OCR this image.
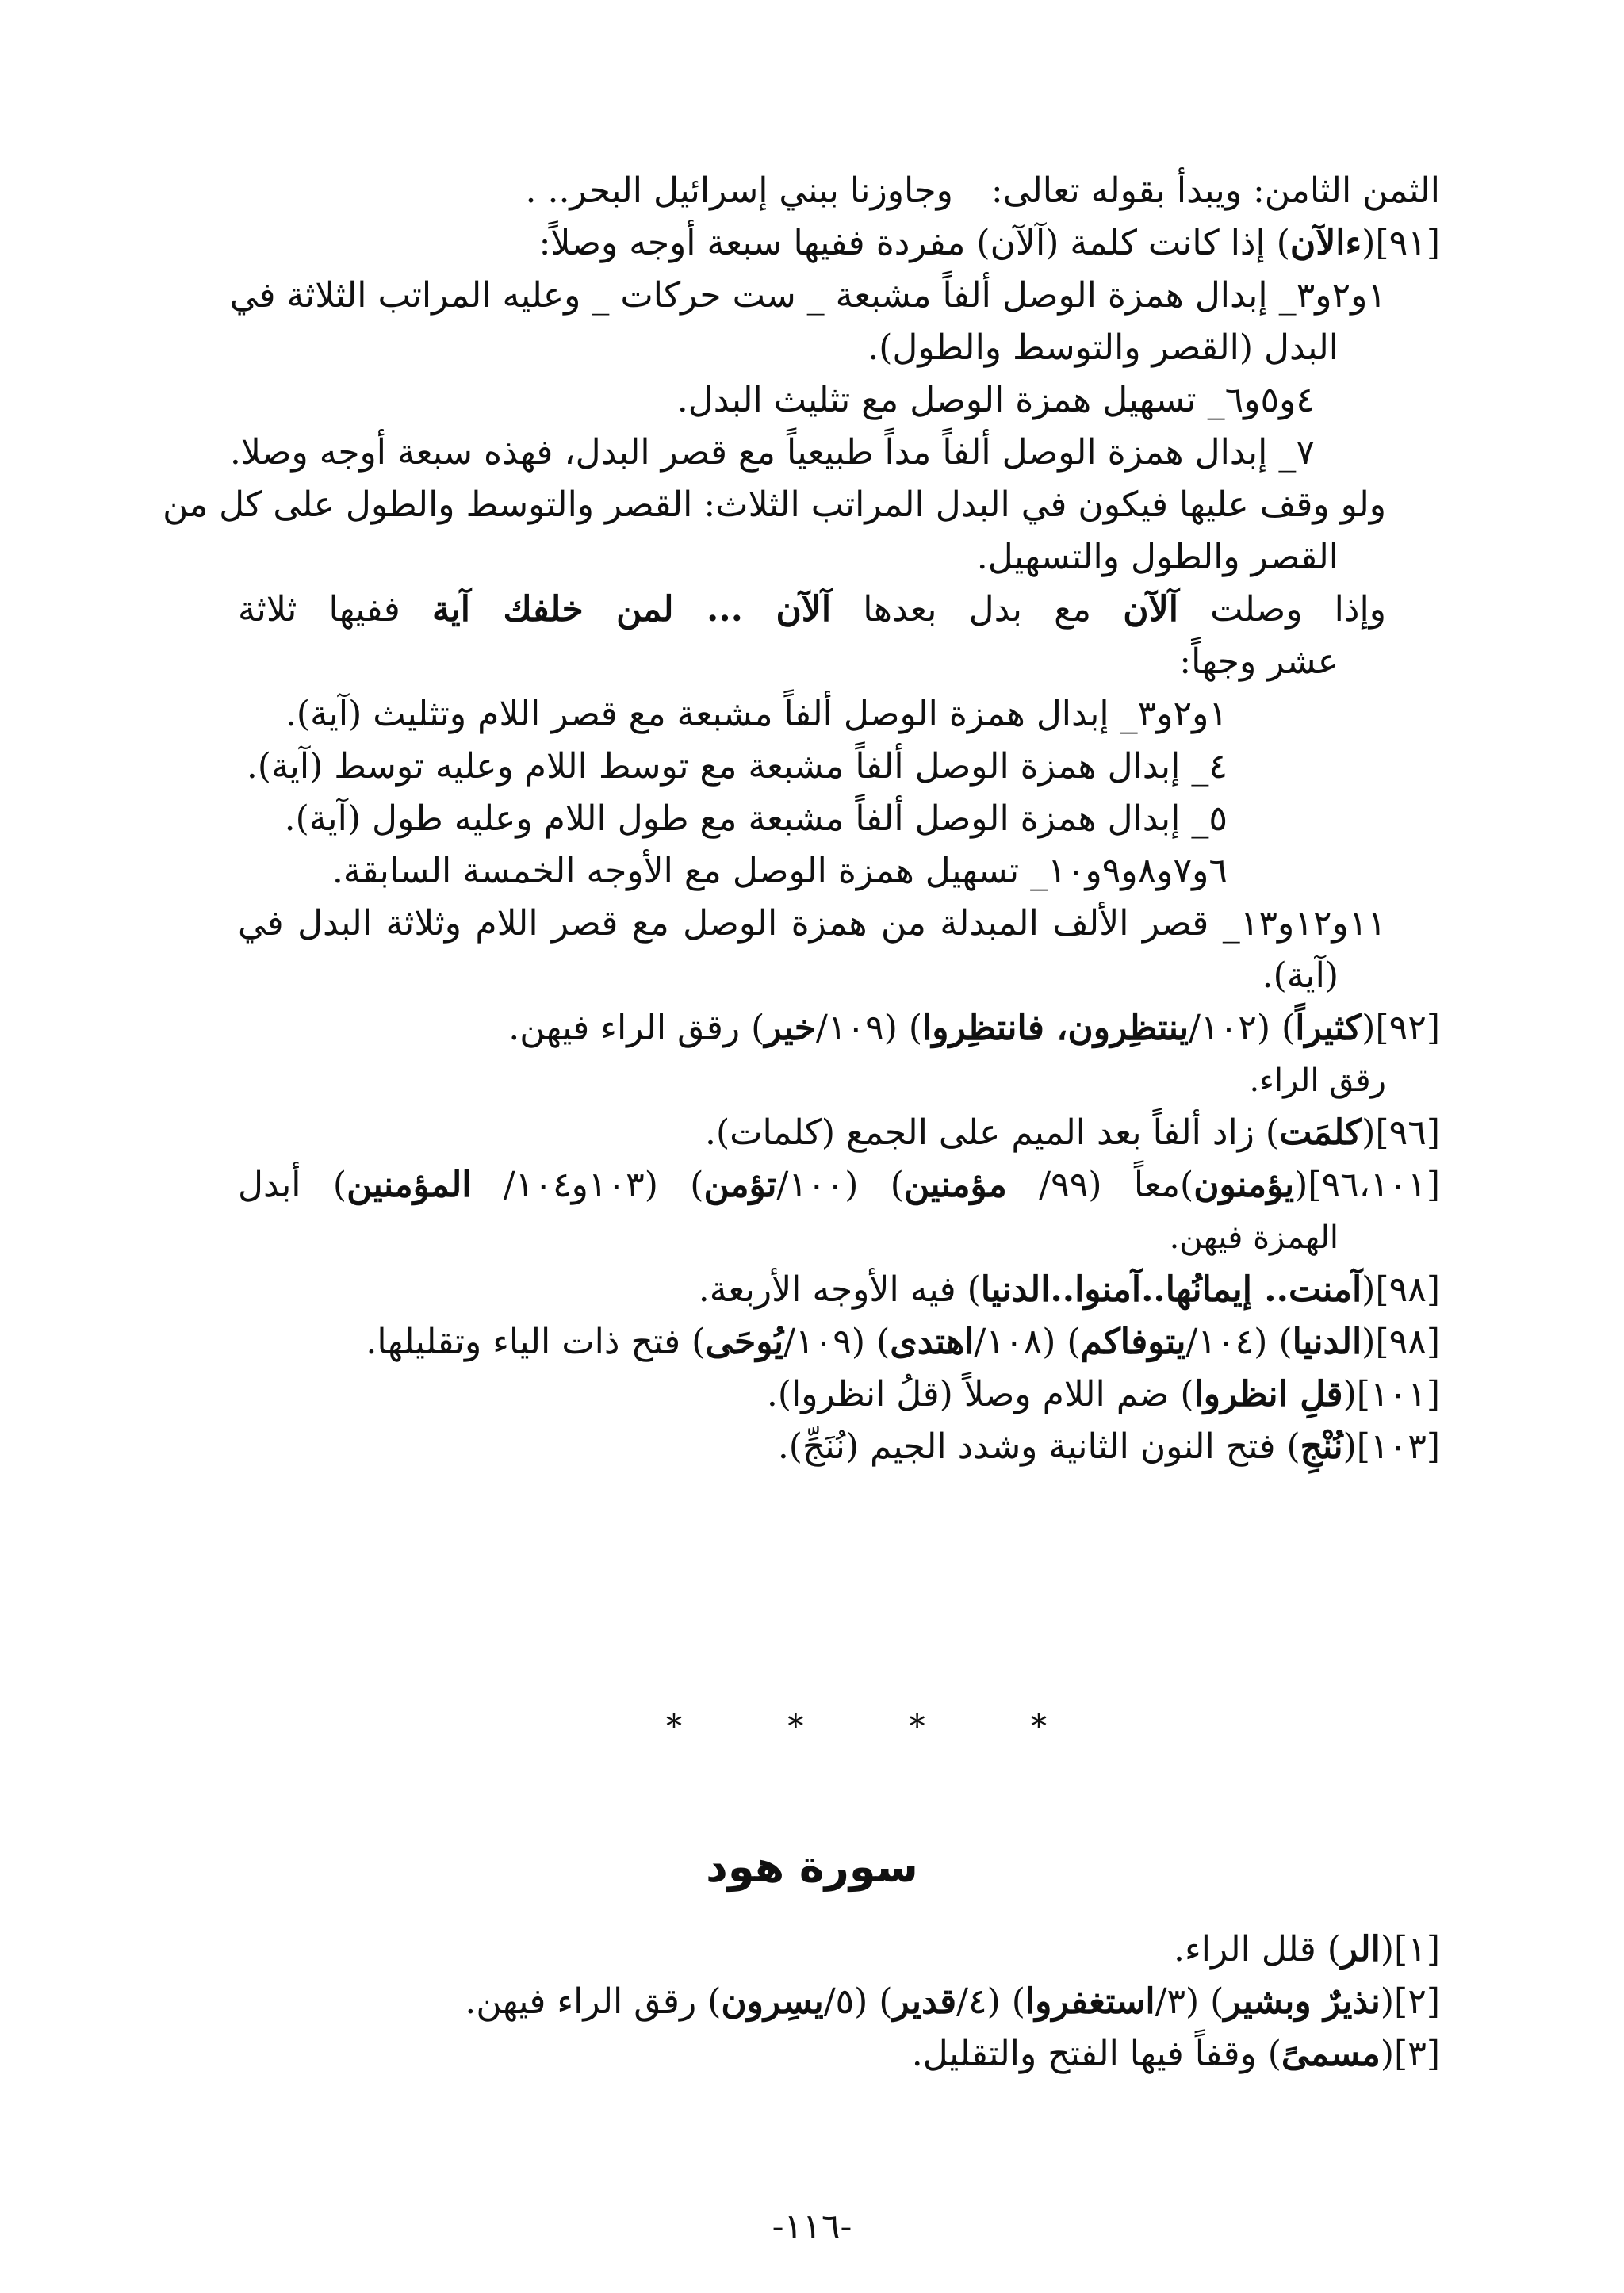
الثمن الثامن: ويبدأ بقوله تعالى:وجاوزنا ببني إسرائيل البحر.. .
[٩١](ءالآن) إذا كانت كلمة (آلآن) مفردة ففيها سبعة أوجه وصلاً:
١و٢و٣_ إبدال همزة الوصل ألفاً مشبعة _ ست حركات _ وعليه المراتب الثلاثة في
البدل (القصر والتوسط والطول).
٤و٥و٦_ تسهيل همزة الوصل مع تثليث البدل.
٧_ إبدال همزة الوصل ألفاً مداً طبيعياً مع قصر البدل، فهذه سبعة أوجه وصلا.
ولو وقف عليها فيكون في البدل المراتب الثلاث: القصر والتوسط والطول على كل من
القصر والطول والتسهيل.
وإذا وصلت آلآن مع بدل بعدها آلآن ... لمن خلفك آية ففيها ثلاثة
عشر وجهاً:
١و٢و٣_ إبدال همزة الوصل ألفاً مشبعة مع قصر اللام وتثليث (آية).
٤_ إبدال همزة الوصل ألفاً مشبعة مع توسط اللام وعليه توسط (آية).
٥_ إبدال همزة الوصل ألفاً مشبعة مع طول اللام وعليه طول (آية).
٦و٧و٨و٩و١٠_ تسهيل همزة الوصل مع الأوجه الخمسة السابقة.
١١و١٢و١٣_ قصر الألف المبدلة من همزة الوصل مع قصر اللام وثلاثة البدل في
(آية).
[٩٢](كثيراً) (١٠٢/ينتظِرون، فانتظِروا) (١٠٩/خير) رقق الراء فيهن.
رقق الراء.
[٩٦](كلمَت) زاد ألفاً بعد الميم على الجمع (كلمات).
[٩٦،١٠١](يؤمنون)معاً (٩٩/ مؤمنين) (١٠٠/تؤمن) (١٠٣و١٠٤/ المؤمنين) أبدل
الهمزة فيهن.
[٩٨](آمنت.. إيمانُها..آمنوا..الدنيا) فيه الأوجه الأربعة.
[٩٨](الدنيا) (١٠٤/يتوفاكم) (١٠٨/اهتدى) (١٠٩/يُوحَى) فتح ذات الياء وتقليلها.
[١٠١](قلِ انظروا) ضم اللام وصلاً (قلُ انظروا).
[١٠٣](نُنْجِ) فتح النون الثانية وشدد الجيم (نُنَجِّ).
*	*	*	*
سورة هود
[١](الر) قلل الراء.
[٢](نذيرٌ وبشير) (٣/استغفروا) (٤/قدير) (٥/يسِرون) رقق الراء فيهن.
[٣](مسمىً) وقفاً فيها الفتح والتقليل.
-١١٦-
